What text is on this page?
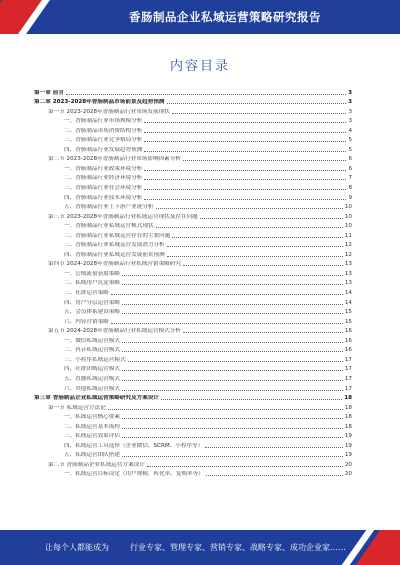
香肠制品企业私域运营策略研究报告
内容目录
第一章 前言	3
第二章 2023-2028年香肠制品市场前景及趋势预测	3
第一节 2023-2028年香肠制品行业市场发展现状	3
一、香肠制品行业市场规模分析	3
二、香肠制品市场消费结构分析	4
三、香肠制品行业竞争格局分析	5
四、香肠制品行业发展趋势预测	5
第二节 2023-2028年香肠制品行业市场影响因素分析	6
一、香肠制品行业政策环境分析	6
二、香肠制品行业经济环境分析	7
三、香肠制品行业社会环境分析	8
四、香肠制品行业技术环境分析	9
五、香肠制品行业上下游产业链分析	10
第三节 2023-2028年香肠制品行业私域运营现状及存在问题	10
一、香肠制品行业私域运营模式现状	10
二、香肠制品行业私域运营存在的主要问题	11
三、香肠制品行业私域运营发展潜力分析	12
四、香肠制品行业私域运营发展前景预测	12
第四节 2024-2028年香肠制品行业私域营销策略研究	13
一、公域流量获取策略	13
二、私域用户沉淀策略	13
三、社群运营策略	14
四、用户分层运营策略	14
五、会员体系建设策略	15
六、内容营销策略	15
第五节 2024-2028年香肠制品行业私域运营模式分析	16
一、微信私域运营模式	16
二、抖音私域运营模式	16
三、小程序私域运营模式	17
四、社群团购运营模式	17
五、直播私域运营模式	17
六、其他私域运营模式	17
第三章 香肠制品企业私域运营策略研究及方案设计	18
第一节 私域运营方法论	18
一、私域运营核心要素	18
二、私域运营基本流程	18
三、私域运营效果评估	19
四、私域运营工具选择（企业微信、SCRM、小程序等）	19
五、私域运营团队搭建	19
第二节 香肠制品企业私域运营方案设计	20
一、私域运营目标设定（用户规模、转化率、复购率等）	20
让每个人都能成为	行业专家、管理专家、营销专家、战略专家、成功企业家……
